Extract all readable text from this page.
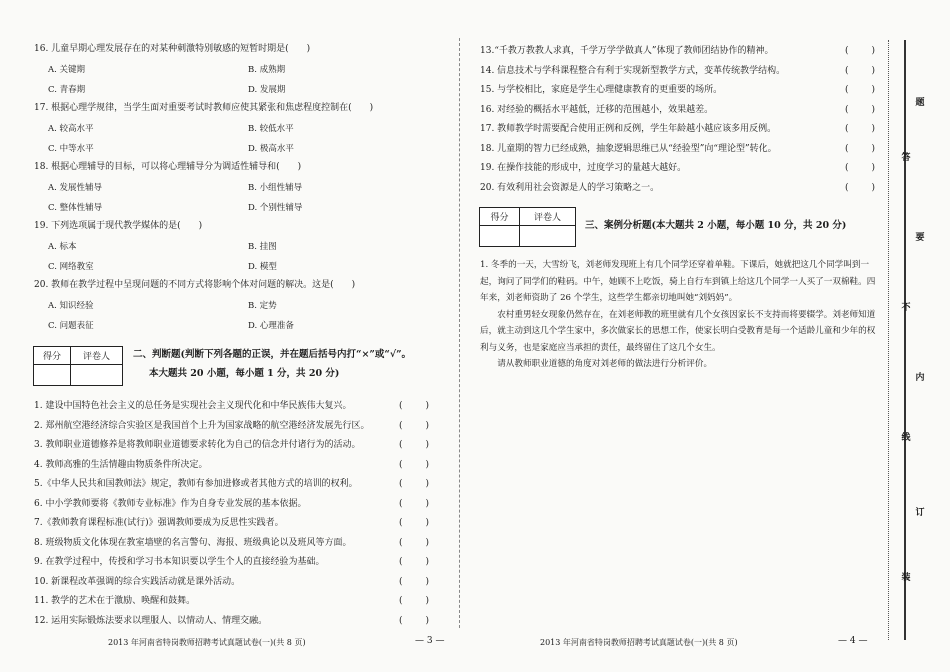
16. 儿童早期心理发展存在的对某种刺激特别敏感的短暂时期是(　　)

A. 关键期	B. 成熟期
C. 青春期	D. 发展期

17. 根据心理学规律，当学生面对重要考试时教师应使其紧张和焦虑程度控制在(　　)

A. 较高水平	B. 较低水平
C. 中等水平	D. 极高水平

18. 根据心理辅导的目标，可以将心理辅导分为调适性辅导和(　　)

A. 发展性辅导	B. 小组性辅导
C. 整体性辅导	D. 个别性辅导

19. 下列选项属于现代教学媒体的是(　　)

A. 标本	B. 挂图
C. 网络教室	D. 模型

20. 教师在教学过程中呈现问题的不同方式将影响个体对问题的解决。这是(　　)

A. 知识经验	B. 定势
C. 问题表征	D. 心理准备
得分	评卷人	二、判断题(判断下列各题的正误，并在题后括号内打“×”或“√”。
本大题共 20 小题，每小题 1 分，共 20 分)
1. 建设中国特色社会主义的总任务是实现社会主义现代化和中华民族伟大复兴。	(	)
2. 郑州航空港经济综合实验区是我国首个上升为国家战略的航空港经济发展先行区。	(	)
3. 教师职业道德修养是将教师职业道德要求转化为自己的信念并付诸行为的活动。	(	)
4. 教师高雅的生活情趣由物质条件所决定。	(	)
5.《中华人民共和国教师法》规定，教师有参加进修或者其他方式的培训的权利。	(	)
6. 中小学教师要将《教师专业标准》作为自身专业发展的基本依据。	(	)
7.《教师教育课程标准(试行)》强调教师要成为反思性实践者。	(	)
8. 班级物质文化体现在教室墙壁的名言警句、海报、班级典论以及班风等方面。	(	)
9. 在教学过程中，传授和学习书本知识要以学生个人的直接经验为基础。	(	)
10. 新课程改革强调的综合实践活动就是课外活动。	(	)
11. 教学的艺术在于激励、唤醒和鼓舞。	(	)
12. 运用实际锻炼法要求以理服人、以情动人、情理交融。	(	)
2013 年河南省特岗教师招聘考试真题试卷(一)(共 8 页)	— 3 —
13.“千教万教教人求真，千学万学学做真人”体现了教师团结协作的精神。	(	)
14. 信息技术与学科课程整合有利于实现新型教学方式，变革传统教学结构。	(	)
15. 与学校相比，家庭是学生心理健康教育的更重要的场所。	(	)
16. 对经验的概括水平越低，迁移的范围越小，效果越差。	(	)
17. 教师教学时需要配合使用正例和反例，学生年龄越小越应该多用反例。	(	)
18. 儿童期的智力已经成熟，抽象逻辑思维已从“经验型”向“理论型”转化。	(	)
19. 在操作技能的形成中，过度学习的量越大越好。	(	)
20. 有效利用社会资源是人的学习策略之一。	(	)
得分	评卷人
三、案例分析题(本大题共 2 小题，每小题 10 分，共 20 分)

1. 冬季的一天，大雪纷飞，刘老师发现班上有几个同学还穿着单鞋。下课后，她就把这几个同学叫到一起，询问了同学们的鞋码。中午，她顾不上吃饭，骑上自行车到镇上给这几个同学一人买了一双棉鞋。四年来，刘老师资助了 26 个学生，这些学生都亲切地叫她“刘妈妈”。

农村重男轻女现象仍然存在，在刘老师教的班里就有几个女孩因家长不支持而将要辍学。刘老师知道后，就主动到这几个学生家中，多次做家长的思想工作，使家长明白受教育是每一个适龄儿童和少年的权利与义务，也是家庭应当承担的责任，最终留住了这几个女生。

请从教师职业道德的角度对刘老师的做法进行分析评价。

2013 年河南省特岗教师招聘考试真题试卷(一)(共 8 页)	— 4 —
题
答
要
不
内
线
订
装
